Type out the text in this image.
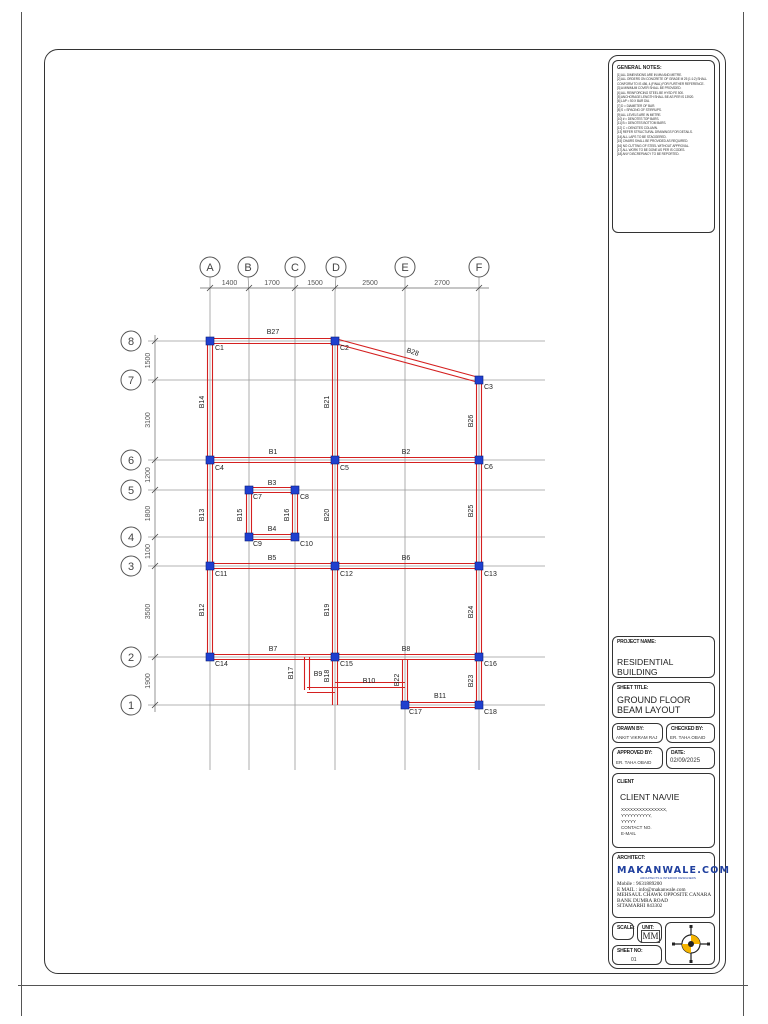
A	B	C	D	E	F
8
7
6
5
4
3
2
1
1400	1700	1500	2500	2700
1500
3100
1200
1800
1100
3500
1900
C1	C2
C3
C4	C5	C6
C7	C8
C9	C10
C11	C12	C13
C14	C15	C16
C17	C18
B27
B28
B14	B21
B26
B1	B2
B3
B15	B16
B4
B13	B20	B25
B5	B6
B12	B19	B24
B7	B8
B17	B9 B18	B10	B22	B23
B11
GENERAL NOTES:
[1] ALL DIMENSIONS ARE IN MM AND METRE.
[2] ALL ORDERS ON CONCRETE OF GRADE M 25 (1:1:2) SHALL CONFORM TO IS 456, 4.(FINAL) FOR FURTHER REFERENCE.
[3] A MINIMUM COVER SHALL BE PROVIDED.
[4] ALL REINFORCING STEEL BE HYSD FE 500.
[5] ANCHORAGE LENGTH SHALL BE AS PER IS 13920.
[6] LAP = 50 X BAR DIA.
[7] D = DIAMETER OF BAR.
[8] S = SPACING OF STIRRUPS.
[9] ALL LEVELS ARE IN METRE.
[10] # = DENOTES TOP BARS.
[11] B = DENOTES BOTTOM BARS.
[12] C = DENOTES COLUMN.
[13] REFER STRUCTURAL DRAWINGS FOR DETAILS.
[14] ALL LAPS TO BE STAGGERED.
[15] CHAIRS SHALL BE PROVIDED AS REQUIRED.
[16] NO CUTTING OF STEEL WITHOUT APPROVAL.
[17] ALL WORK TO BE DONE AS PER IS CODES.
[18] ANY DISCREPANCY TO BE REPORTED.
PROJECT NAME:
RESIDENTIAL BUILDING
SHEET TITLE:
GROUND FLOOR BEAM LAYOUT
DRAWN BY:
ANKIT VIKRAM RAJ
CHECKED BY:
ER. TAHA OBAID
APPROVED BY:
ER. TAHA OBAID
DATE:
02/09/2025
CLIENT
CLIENT NA/\/IE
XXXXXXXXXXXXXXX,
YYYYYYYYYY,
YYYYY
CONTACT NO.
E-MAIL
ARCHITECT:
MAKANWALE.COM
ARCHITECTS & INTERIOR DESIGNERS
Mobile : 9631889200
E MAIL : info@makanwale.com
MEHSAUL CHAWK OPPOSITE CANARA
BANK DUMRA ROAD
SITAMARHI 843302
SCALE: UNIT:
MM
SHEET NO:
01
